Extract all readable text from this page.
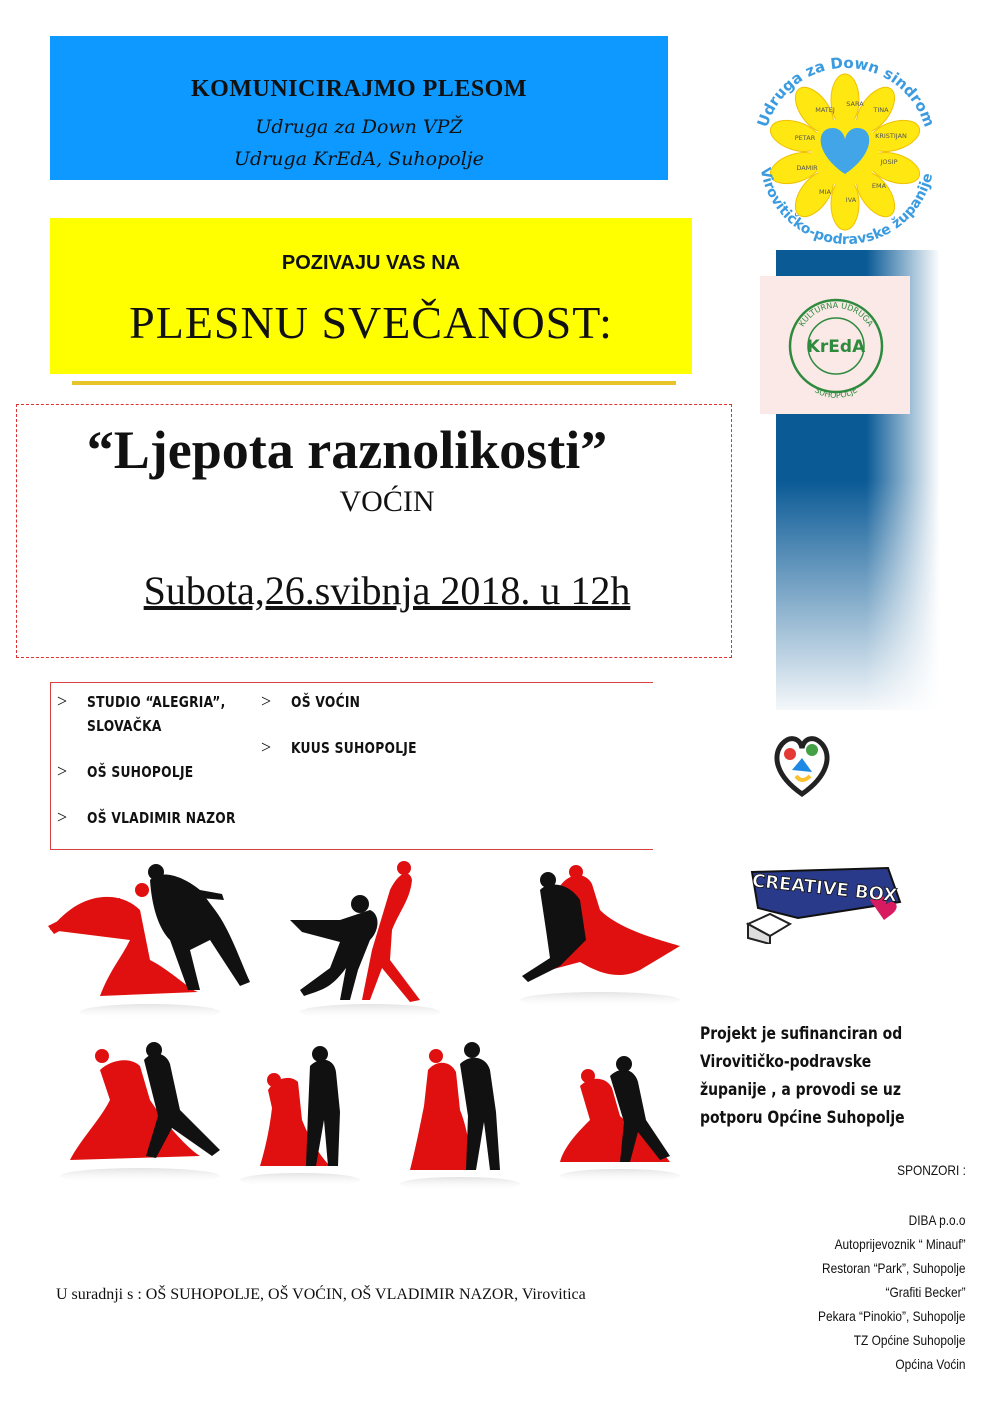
KOMUNICIRAJMO PLESOM
Udruga za Down VPŽ
Udruga KrEdA, Suhopolje
POZIVAJU VAS NA
PLESNU SVEČANOST:
“Ljepota raznolikosti”
VOĆIN
Subota,26.svibnja 2018. u 12h
> STUDIO “ALEGRIA”,
SLOVAČKA
> OŠ SUHOPOLJE
> OŠ VLADIMIR NAZOR
> OŠ VOĆIN
> KUUS SUHOPOLJE
MATEJ
SARA
TINA
KRISTIJAN
JOSIP
EMA
IVA
MIA
DAMIR
PETAR
Udruga za Down sindrom
Virovitičko-podravske županije
KULTURNA UDRUGA
KrEdA
SUHOPOLJE
CREATIVE BOX
Projekt je sufinanciran od Virovitičko-podravske županije , a provodi se uz potporu Općine Suhopolje
SPONZORI :
DIBA p.o.o
Autoprijevoznik “ Minauf”
Restoran “Park”, Suhopolje
“Grafiti Becker”
Pekara “Pinokio”, Suhopolje
TZ Općine Suhopolje
Općina Voćin
U suradnji s : OŠ SUHOPOLJE, OŠ VOĆIN, OŠ VLADIMIR NAZOR, Virovitica
